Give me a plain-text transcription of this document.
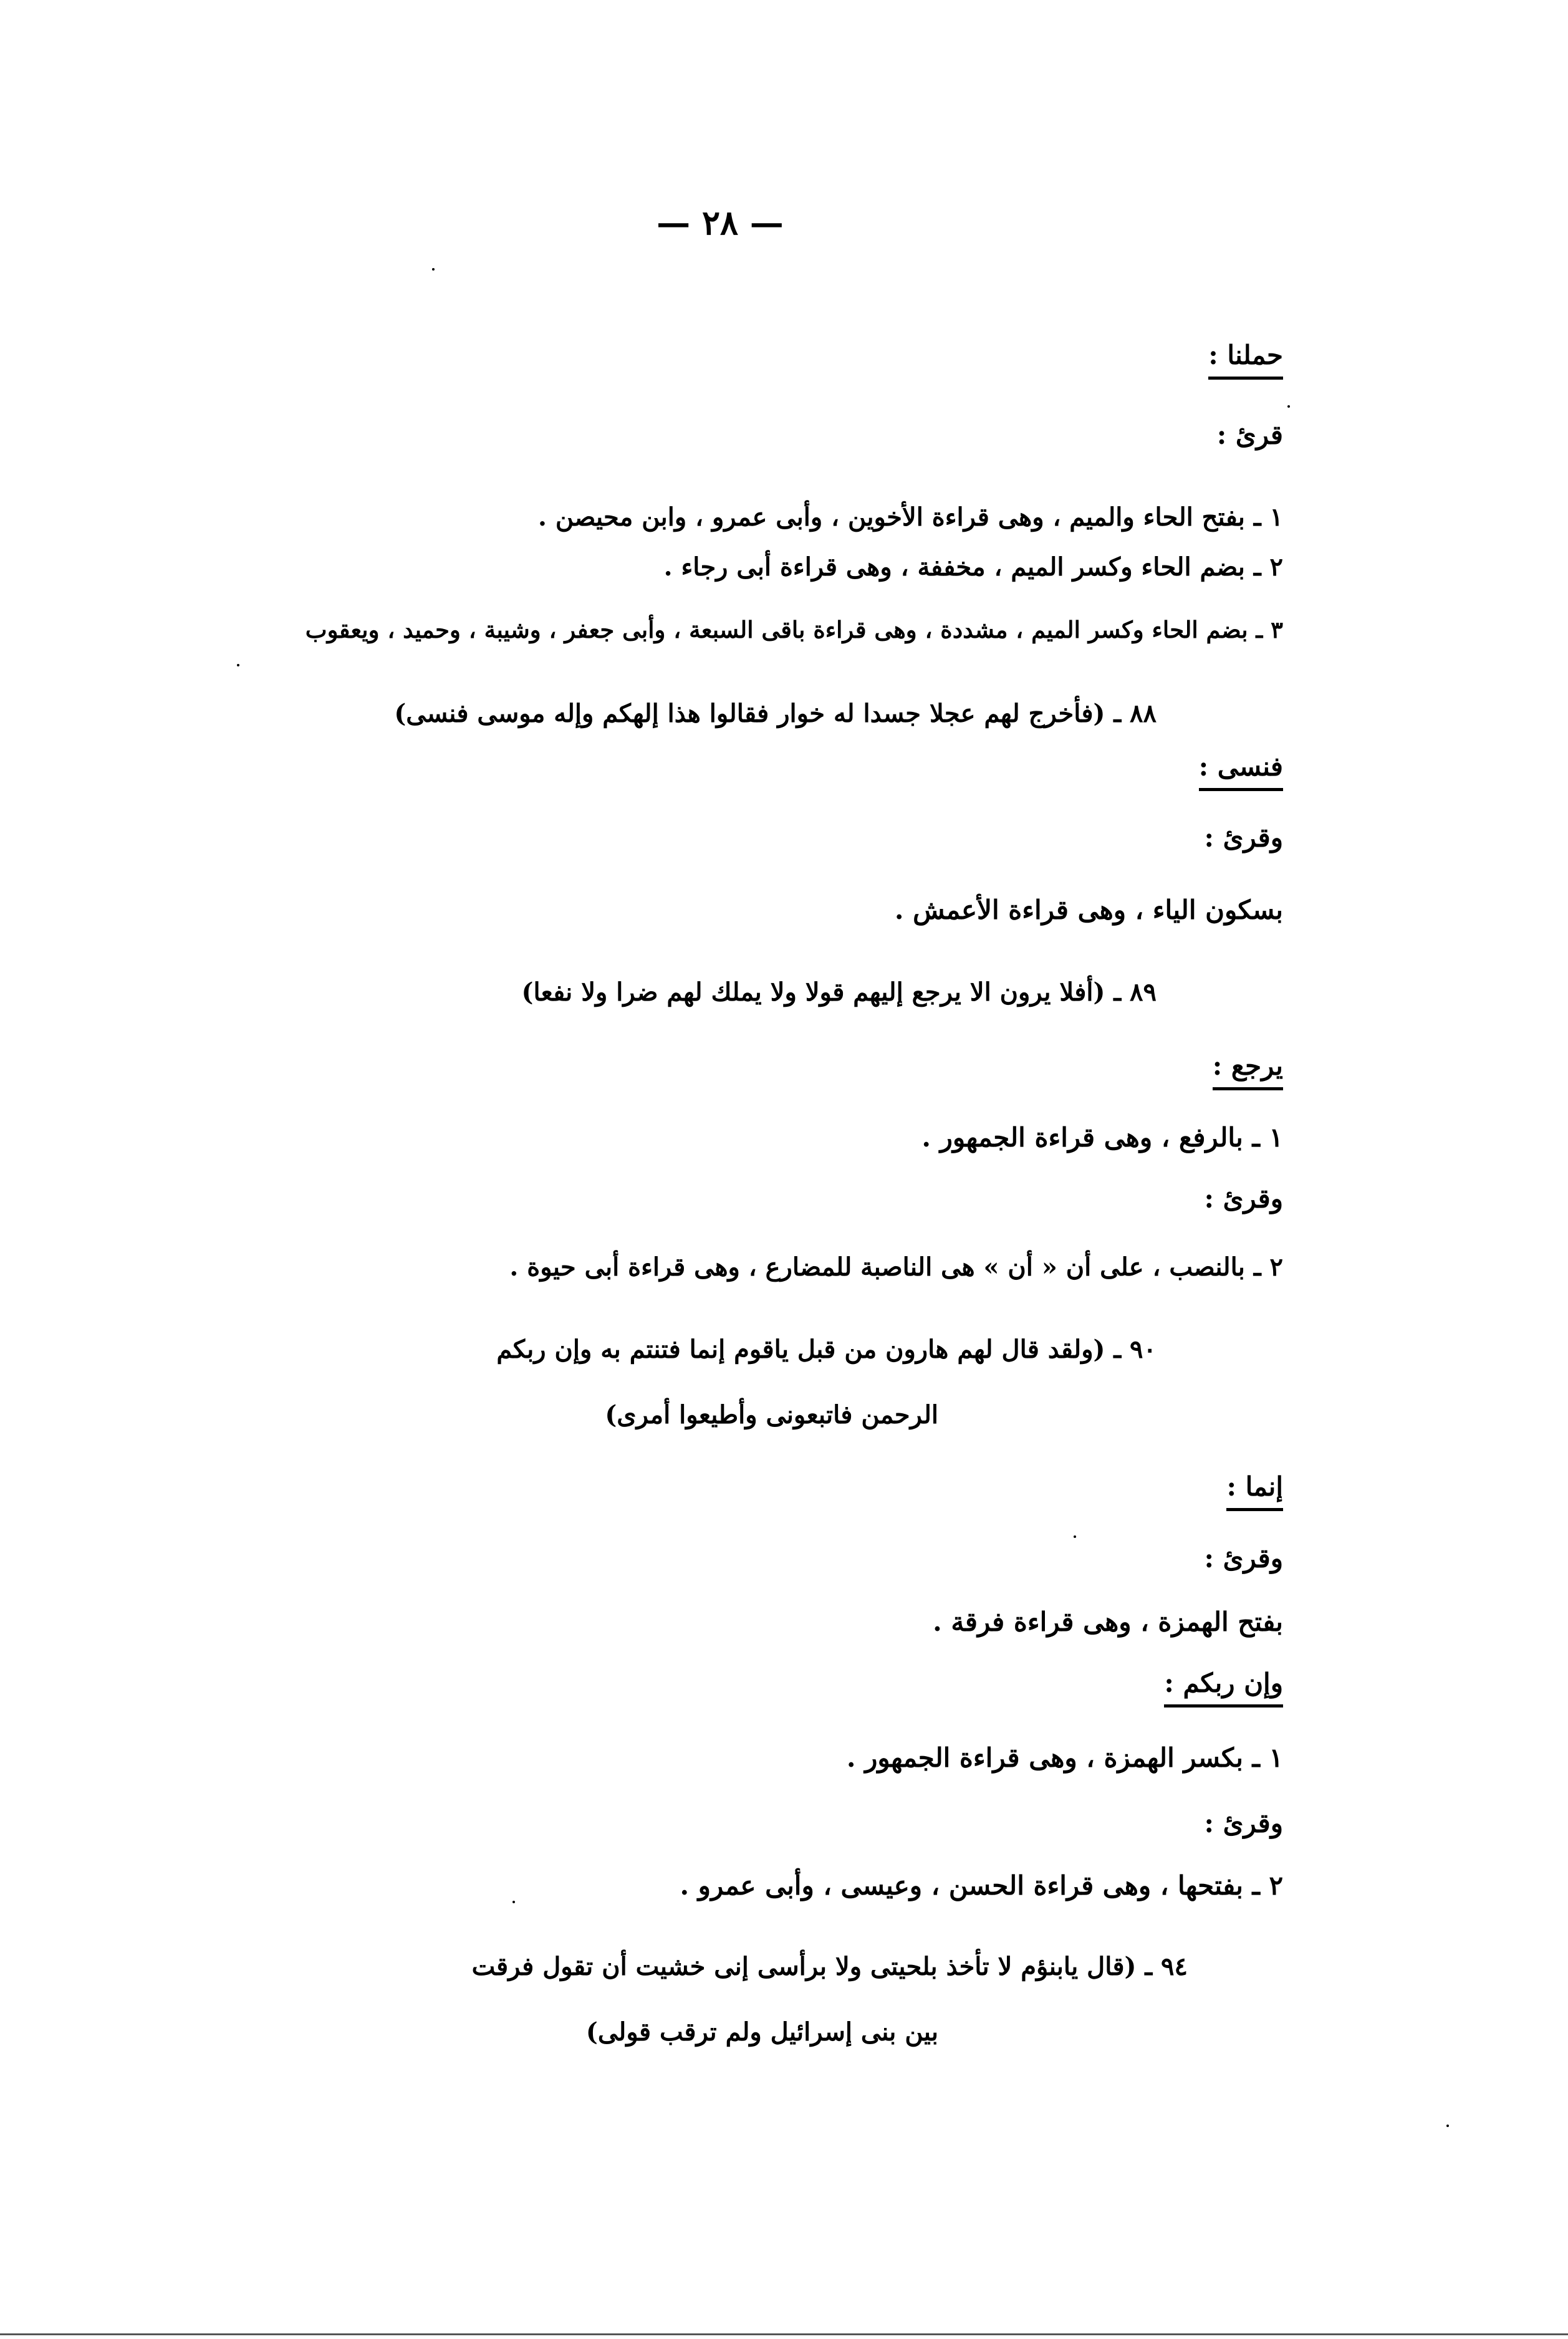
— ٢٨ —
حملنا :
قرئ :
١ ـ بفتح الحاء والميم ، وهى قراءة الأخوين ، وأبى عمرو ، وابن محيصن .
٢ ـ بضم الحاء وكسر الميم ، مخففة ، وهى قراءة أبى رجاء .
٣ ـ بضم الحاء وكسر الميم ، مشددة ، وهى قراءة باقى السبعة ، وأبى جعفر ، وشيبة ، وحميد ، ويعقوب
٨٨ ـ (فأخرج لهم عجلا جسدا له خوار فقالوا هذا إلهكم وإله موسى فنسى)
فنسى :
وقرئ :
بسكون الياء ، وهى قراءة الأعمش .
٨٩ ـ (أفلا يرون الا يرجع إليهم قولا ولا يملك لهم ضرا ولا نفعا)
يرجع :
١ ـ بالرفع ، وهى قراءة الجمهور .
وقرئ :
٢ ـ بالنصب ، على أن « أن » هى الناصبة للمضارع ، وهى قراءة أبى حيوة .
٩٠ ـ (ولقد قال لهم هارون من قبل ياقوم إنما فتنتم به وإن ربكم
الرحمن فاتبعونى وأطيعوا أمرى)
إنما :
وقرئ :
بفتح الهمزة ، وهى قراءة فرقة .
وإن ربكم :
١ ـ بكسر الهمزة ، وهى قراءة الجمهور .
وقرئ :
٢ ـ بفتحها ، وهى قراءة الحسن ، وعيسى ، وأبى عمرو .
٩٤ ـ (قال يابنؤم لا تأخذ بلحيتى ولا برأسى إنى خشيت أن تقول فرقت
بين بنى إسرائيل ولم ترقب قولى)
